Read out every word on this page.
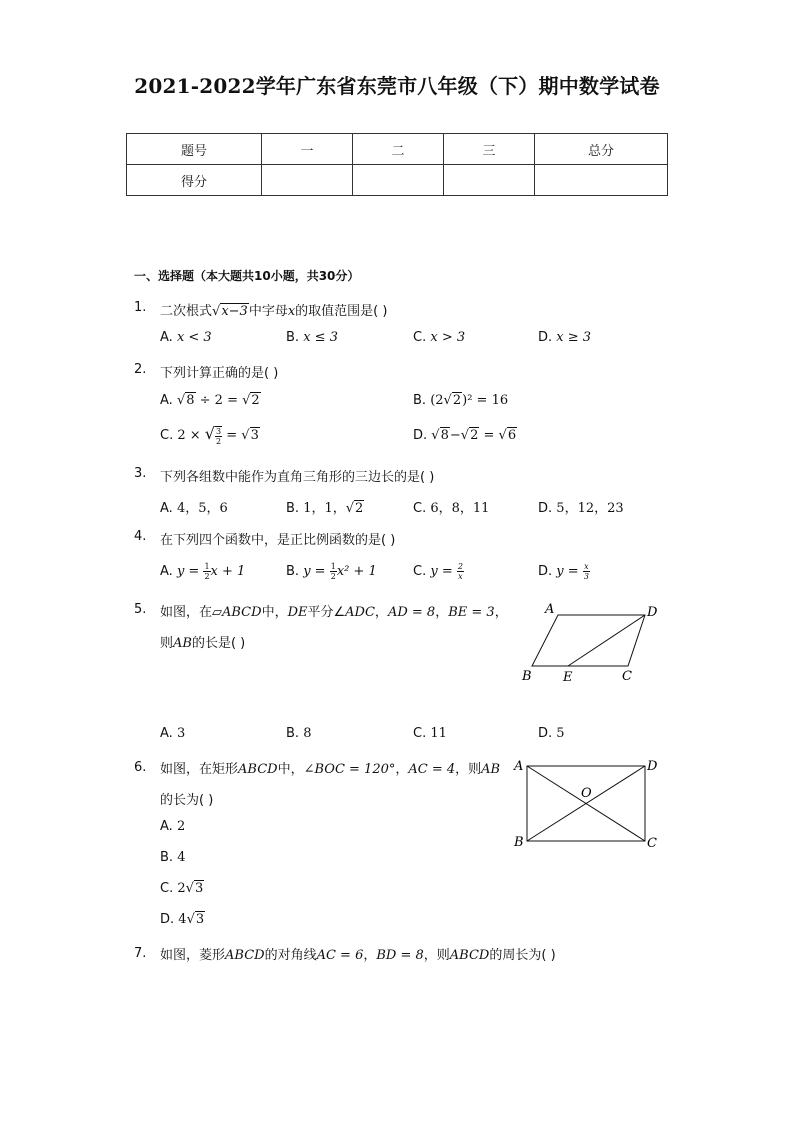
2021-2022学年广东省东莞市八年级（下）期中数学试卷
题号	一	二	三	总分
得分				
一、选择题（本大题共10小题，共30分）
1. 二次根式√x−3中字母x的取值范围是( )
A. x < 3	B. x ≤ 3	C. x > 3	D. x ≥ 3
2. 下列计算正确的是( )
A. √8 ÷ 2 = √2	B. (2√2)² = 16
C. 2 × √ $\frac{3}{2} = √3$	D. √8−√2 = √6
3. 下列各组数中能作为直角三角形的三边长的是( )
A. 4，5，6	B. 1，1，√2	C. 6，8，11	D. 5，12，23
4. 在下列四个函数中，是正比例函数的是( )
A. $y = \frac{1}{2}$ x + 1	B. $y = \frac{1}{2} x^2 + 1$	C. $y = \frac{2}{x}$	D. $y = \frac{x}{3}$
5. 如图，在▱ABCD中，DE平分∠ADC，AD = 8，BE = 3，
则AB的长是( )
A	D
B E	C
A. 3	B. 8	C. 11	D. 5
6. 如图，在矩形ABCD中，∠BOC = 120°，AC = 4，则AB
的长为( )
A	D
B	C
O
A. 2
B. 4
C. 2√3
D. 4√3
7. 如图，菱形ABCD的对角线AC = 6，BD = 8，则ABCD的周长为( )
